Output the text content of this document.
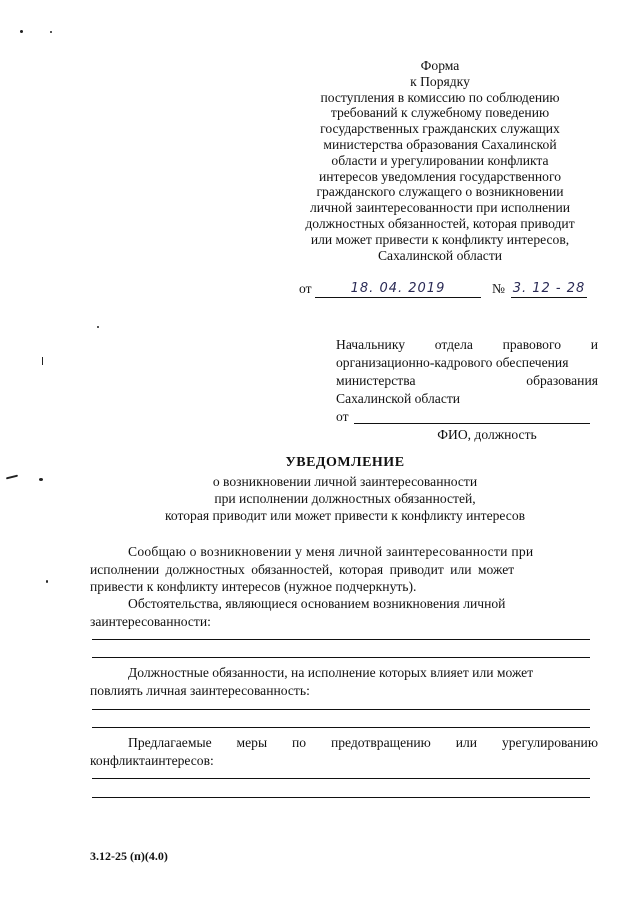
Форма
к Порядку
поступления в комиссию по соблюдению
требований к служебному поведению
государственных гражданских служащих
министерства образования Сахалинской
области и урегулировании конфликта
интересов уведомления государственного
гражданского служащего о возникновении
личной заинтересованности при исполнении
должностных обязанностей, которая приводит
или может привести к конфликту интересов,
Сахалинской области
от	18. 04. 2019	№ 3. 12 - 28
Начальнику отдела правового и
организационно-кадрового обеспечения
министерства	образования
Сахалинской области
от
ФИО, должность
УВЕДОМЛЕНИЕ
о возникновении личной заинтересованности
при исполнении должностных обязанностей,
которая приводит или может привести к конфликту интересов
Сообщаю о возникновении у меня личной заинтересованности при
исполнении должностных обязанностей, которая приводит или может
привести к конфликту интересов (нужное подчеркнуть).
Обстоятельства, являющиеся основанием возникновения личной
заинтересованности:
Должностные обязанности, на исполнение которых влияет или может
повлиять личная заинтересованность:
Предлагаемые меры по предотвращению или урегулированию
конфликтаинтересов:
3.12-25 (п)(4.0)
